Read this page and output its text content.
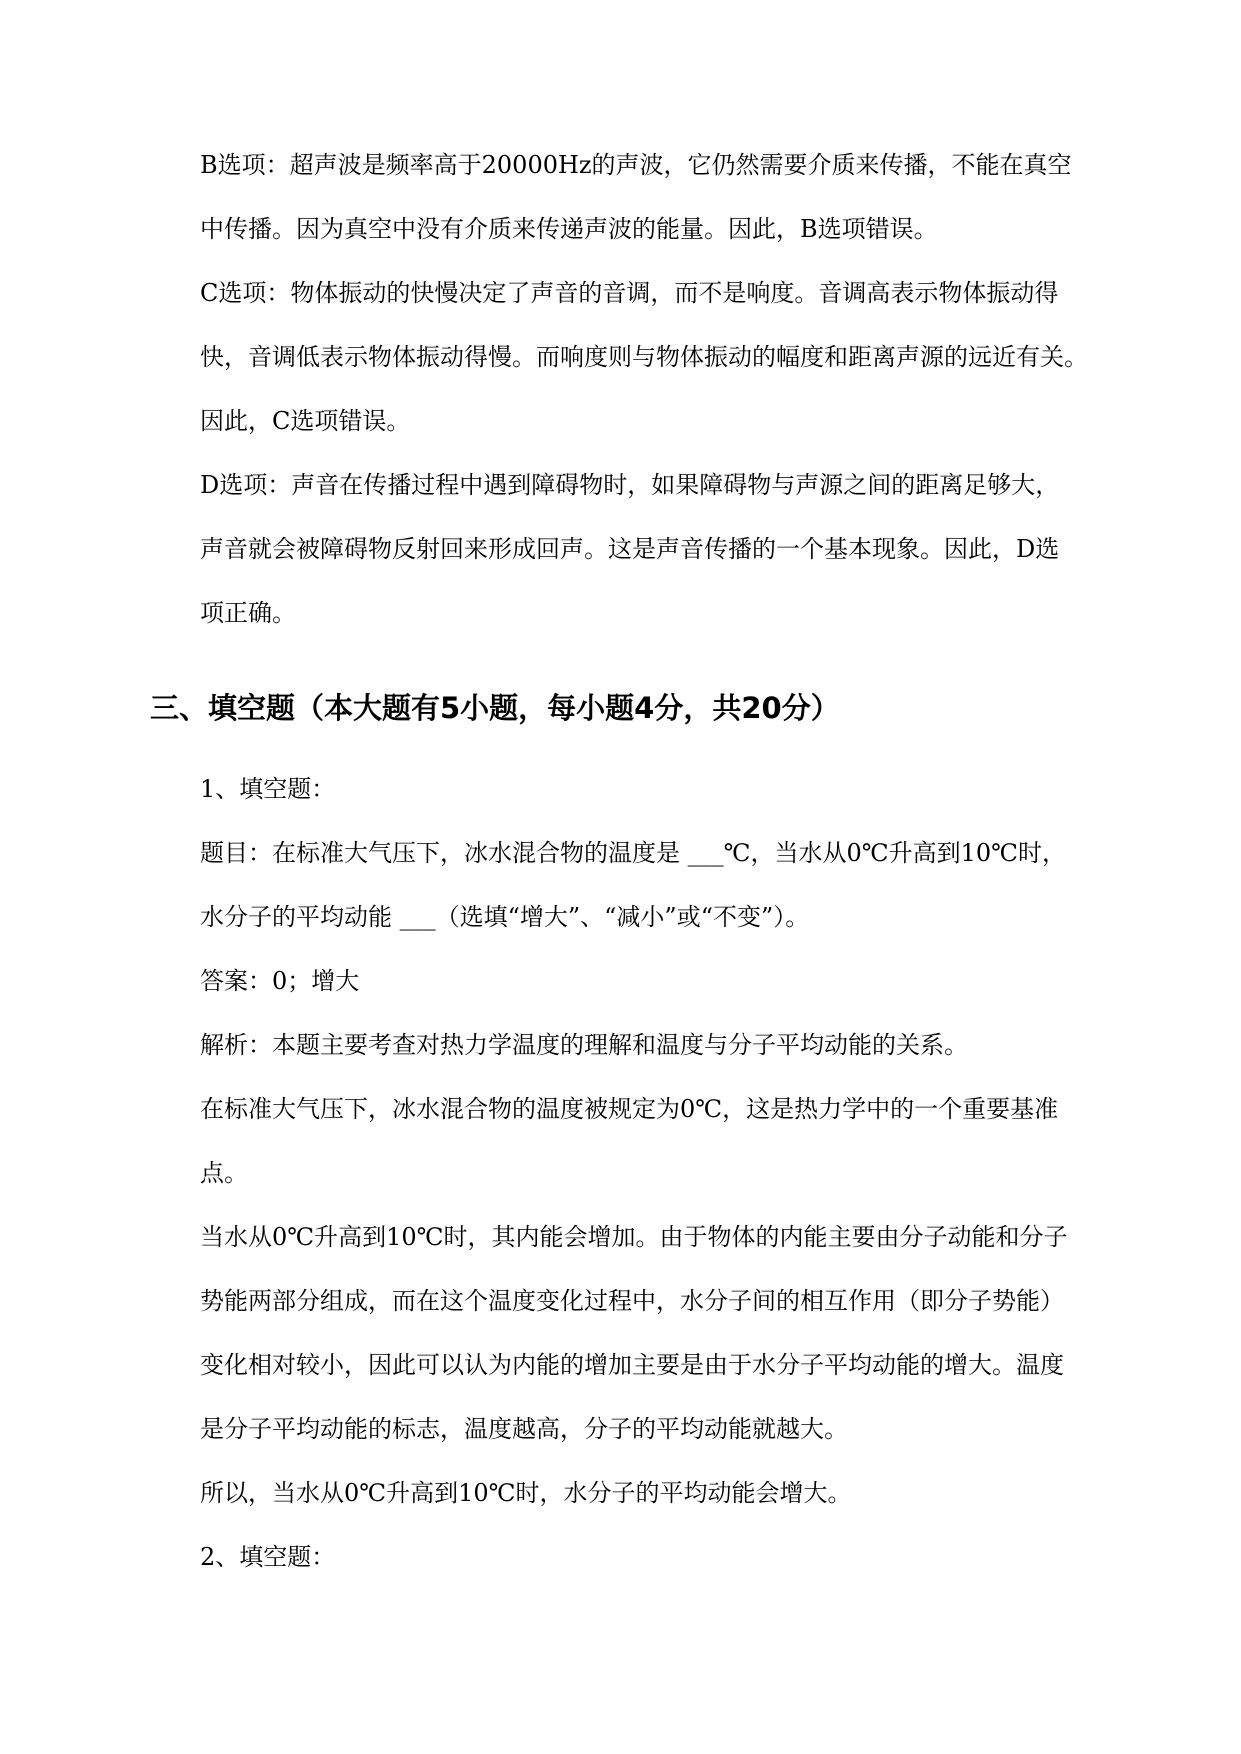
B选项：超声波是频率高于20000Hz的声波，它仍然需要介质来传播，不能在真空

中传播。因为真空中没有介质来传递声波的能量。因此，B选项错误。

C选项：物体振动的快慢决定了声音的音调，而不是响度。音调高表示物体振动得

快，音调低表示物体振动得慢。而响度则与物体振动的幅度和距离声源的远近有关。

因此，C选项错误。

D选项：声音在传播过程中遇到障碍物时，如果障碍物与声源之间的距离足够大，

声音就会被障碍物反射回来形成回声。这是声音传播的一个基本现象。因此，D选

项正确。

三、填空题（本大题有5小题，每小题4分，共20分）

1、填空题：

题目：在标准大气压下，冰水混合物的温度是 ___℃，当水从0℃升高到10℃时，

水分子的平均动能 ___（选填“增大”、“减小”或“不变”）。

答案：0；增大

解析：本题主要考查对热力学温度的理解和温度与分子平均动能的关系。

在标准大气压下，冰水混合物的温度被规定为0℃，这是热力学中的一个重要基准

点。

当水从0℃升高到10℃时，其内能会增加。由于物体的内能主要由分子动能和分子

势能两部分组成，而在这个温度变化过程中，水分子间的相互作用（即分子势能）

变化相对较小，因此可以认为内能的增加主要是由于水分子平均动能的增大。温度

是分子平均动能的标志，温度越高，分子的平均动能就越大。

所以，当水从0℃升高到10℃时，水分子的平均动能会增大。

2、填空题：
